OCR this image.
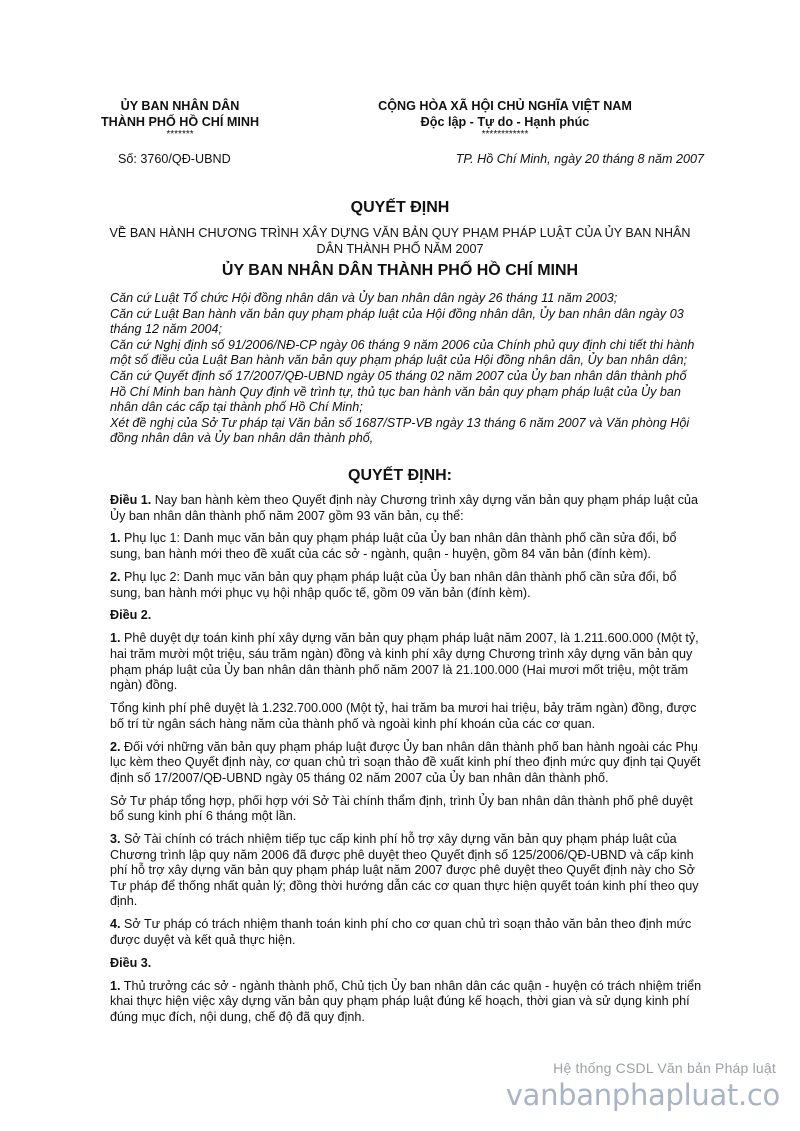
ỦY BAN NHÂN DÂN
THÀNH PHỐ HỒ CHÍ MINH
*******
CỘNG HÒA XÃ HỘI CHỦ NGHĨA VIỆT NAM
Độc lập - Tự do - Hạnh phúc
************
Số: 3760/QĐ-UBND	TP. Hồ Chí Minh, ngày 20 tháng 8 năm 2007
QUYẾT ĐỊNH
VỀ BAN HÀNH CHƯƠNG TRÌNH XÂY DỰNG VĂN BẢN QUY PHẠM PHÁP LUẬT CỦA ỦY BAN NHÂN DÂN THÀNH PHỐ NĂM 2007
ỦY BAN NHÂN DÂN THÀNH PHỐ HỒ CHÍ MINH

Căn cứ Luật Tổ chức Hội đồng nhân dân và Ủy ban nhân dân ngày 26 tháng 11 năm 2003;

Căn cứ Luật Ban hành văn bản quy phạm pháp luật của Hội đồng nhân dân, Ủy ban nhân dân ngày 03 tháng 12 năm 2004;

Căn cứ Nghị định số 91/2006/NĐ-CP ngày 06 tháng 9 năm 2006 của Chính phủ quy định chi tiết thi hành một số điều của Luật Ban hành văn bản quy phạm pháp luật của Hội đồng nhân dân, Ủy ban nhân dân;

Căn cứ Quyết định số 17/2007/QĐ-UBND ngày 05 tháng 02 năm 2007 của Ủy ban nhân dân thành phố Hồ Chí Minh ban hành Quy định về trình tự, thủ tục ban hành văn bản quy phạm pháp luật của Ủy ban nhân dân các cấp tại thành phố Hồ Chí Minh;

Xét đề nghị của Sở Tư pháp tại Văn bản số 1687/STP-VB ngày 13 tháng 6 năm 2007 và Văn phòng Hội đồng nhân dân và Ủy ban nhân dân thành phố,

QUYẾT ĐỊNH:

Điều 1. Nay ban hành kèm theo Quyết định này Chương trình xây dựng văn bản quy phạm pháp luật của Ủy ban nhân dân thành phố năm 2007 gồm 93 văn bản, cụ thể:

1. Phụ lục 1: Danh mục văn bản quy phạm pháp luật của Ủy ban nhân dân thành phố cần sửa đổi, bổ sung, ban hành mới theo đề xuất của các sở - ngành, quận - huyện, gồm 84 văn bản (đính kèm).

2. Phụ lục 2: Danh mục văn bản quy phạm pháp luật của Ủy ban nhân dân thành phố cần sửa đổi, bổ sung, ban hành mới phục vụ hội nhập quốc tế, gồm 09 văn bản (đính kèm).

Điều 2.

1. Phê duyệt dự toán kinh phí xây dựng văn bản quy phạm pháp luật năm 2007, là 1.211.600.000 (Một tỷ, hai trăm mười một triệu, sáu trăm ngàn) đồng và kinh phí xây dựng Chương trình xây dựng văn bản quy phạm pháp luật của Ủy ban nhân dân thành phố năm 2007 là 21.100.000 (Hai mươi mốt triệu, một trăm ngàn) đồng.

Tổng kinh phí phê duyệt là 1.232.700.000 (Một tỷ, hai trăm ba mươi hai triệu, bảy trăm ngàn) đồng, được bố trí từ ngân sách hàng năm của thành phố và ngoài kinh phí khoán của các cơ quan.

2. Đối với những văn bản quy phạm pháp luật được Ủy ban nhân dân thành phố ban hành ngoài các Phụ lục kèm theo Quyết định này, cơ quan chủ trì soạn thảo đề xuất kinh phí theo định mức quy định tại Quyết định số 17/2007/QĐ-UBND ngày 05 tháng 02 năm 2007 của Ủy ban nhân dân thành phố.

Sở Tư pháp tổng hợp, phối hợp với Sở Tài chính thẩm định, trình Ủy ban nhân dân thành phố phê duyệt bổ sung kinh phí 6 tháng một lần.

3. Sở Tài chính có trách nhiệm tiếp tục cấp kinh phí hỗ trợ xây dựng văn bản quy phạm pháp luật của Chương trình lập quy năm 2006 đã được phê duyệt theo Quyết định số 125/2006/QĐ-UBND và cấp kinh phí hỗ trợ xây dựng văn bản quy phạm pháp luật năm 2007 được phê duyệt theo Quyết định này cho Sở Tư pháp để thống nhất quản lý; đồng thời hướng dẫn các cơ quan thực hiện quyết toán kinh phí theo quy định.

4. Sở Tư pháp có trách nhiệm thanh toán kinh phí cho cơ quan chủ trì soạn thảo văn bản theo định mức được duyệt và kết quả thực hiện.

Điều 3.

1. Thủ trưởng các sở - ngành thành phố, Chủ tịch Ủy ban nhân dân các quận - huyện có trách nhiệm triển khai thực hiện việc xây dựng văn bản quy phạm pháp luật đúng kế hoạch, thời gian và sử dụng kinh phí đúng mục đích, nội dung, chế độ đã quy định.

Hệ thống CSDL Văn bản Pháp luật
vanbanphapluat.co
